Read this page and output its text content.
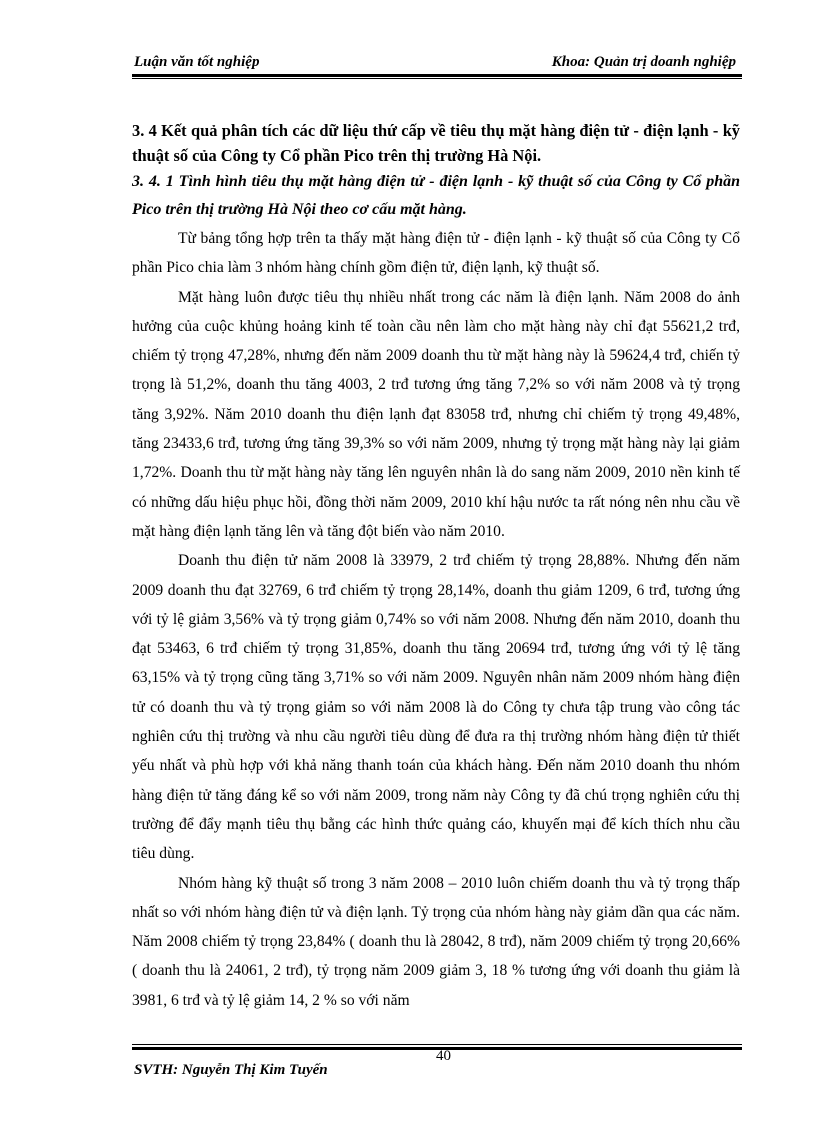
Luận văn tốt nghiệp	Khoa: Quản trị doanh nghiệp

3. 4 Kết quả phân tích các dữ liệu thứ cấp về tiêu thụ mặt hàng điện tử - điện lạnh - kỹ thuật số của Công ty Cổ phần Pico trên thị trường Hà Nội.

3. 4. 1 Tình hình tiêu thụ mặt hàng điện tử - điện lạnh - kỹ thuật số của Công ty Cổ phần Pico trên thị trường Hà Nội theo cơ cấu mặt hàng.

Từ bảng tổng hợp trên ta thấy mặt hàng điện tử - điện lạnh - kỹ thuật số của Công ty Cổ phần Pico chia làm 3 nhóm hàng chính gồm điện tử, điện lạnh, kỹ thuật số.

Mặt hàng luôn được tiêu thụ nhiều nhất trong các năm là điện lạnh. Năm 2008 do ảnh hưởng của cuộc khủng hoảng kinh tế toàn cầu nên làm cho mặt hàng này chỉ đạt 55621,2 trđ, chiếm tỷ trọng 47,28%, nhưng đến năm 2009 doanh thu từ mặt hàng này là 59624,4 trđ, chiến tỷ trọng là 51,2%, doanh thu tăng 4003, 2 trđ tương ứng tăng 7,2% so với năm 2008 và tỷ trọng tăng 3,92%. Năm 2010 doanh thu điện lạnh đạt 83058 trđ, nhưng chỉ chiếm tỷ trọng 49,48%, tăng 23433,6 trđ, tương ứng tăng 39,3% so với năm 2009, nhưng tỷ trọng mặt hàng này lại giảm 1,72%. Doanh thu từ mặt hàng này tăng lên nguyên nhân là do sang năm 2009, 2010 nền kinh tế có những dấu hiệu phục hồi, đồng thời năm 2009, 2010 khí hậu nước ta rất nóng nên nhu cầu về mặt hàng điện lạnh tăng lên và tăng đột biến vào năm 2010.

Doanh thu điện tử năm 2008 là 33979, 2 trđ chiếm tỷ trọng 28,88%. Nhưng đến năm 2009 doanh thu đạt 32769, 6 trđ chiếm tỷ trọng 28,14%, doanh thu giảm 1209, 6 trđ, tương ứng với tỷ lệ giảm 3,56% và tỷ trọng giảm 0,74% so với năm 2008. Nhưng đến năm 2010, doanh thu đạt 53463, 6 trđ chiếm tỷ trọng 31,85%, doanh thu tăng 20694 trđ, tương ứng với tỷ lệ tăng 63,15% và tỷ trọng cũng tăng 3,71% so với năm 2009. Nguyên nhân năm 2009 nhóm hàng điện tử có doanh thu và tỷ trọng giảm so với năm 2008 là do Công ty chưa tập trung vào công tác nghiên cứu thị trường và nhu cầu người tiêu dùng để đưa ra thị trường nhóm hàng điện tử thiết yếu nhất và phù hợp với khả năng thanh toán của khách hàng. Đến năm 2010 doanh thu nhóm hàng điện tử tăng đáng kể so với năm 2009, trong năm này Công ty đã chú trọng nghiên cứu thị trường để đẩy mạnh tiêu thụ bằng các hình thức quảng cáo, khuyến mại để kích thích nhu cầu tiêu dùng.

Nhóm hàng kỹ thuật số trong 3 năm 2008 – 2010 luôn chiếm doanh thu và tỷ trọng thấp nhất so với nhóm hàng điện tử và điện lạnh. Tỷ trọng của nhóm hàng này giảm dần qua các năm. Năm 2008 chiếm tỷ trọng 23,84% ( doanh thu là 28042, 8 trđ), năm 2009 chiếm tỷ trọng 20,66% ( doanh thu là 24061, 2 trđ), tỷ trọng năm 2009 giảm 3, 18 % tương ứng với doanh thu giảm là 3981, 6 trđ và tỷ lệ giảm 14, 2 % so với năm

SVTH: Nguyễn Thị Kim Tuyến
40
